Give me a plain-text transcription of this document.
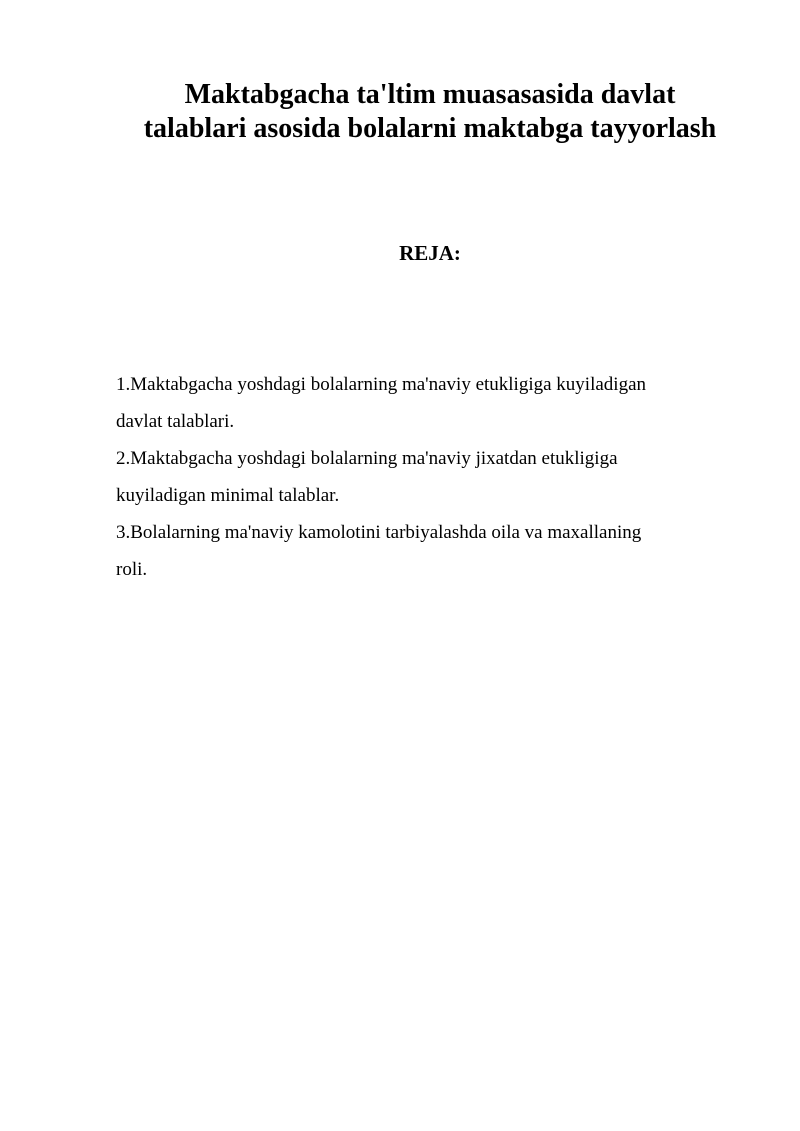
Maktabgacha ta'ltim muasasasida davlat
talablari asosida bolalarni maktabga tayyorlash
REJA:
1.Maktabgacha yoshdagi bolalarning ma'naviy etukligiga kuyiladigan
davlat talablari.
2.Maktabgacha yoshdagi bolalarning ma'naviy jixatdan etukligiga
kuyiladigan minimal talablar.
3.Bolalarning ma'naviy kamolotini tarbiyalashda oila va maxallaning
roli.
